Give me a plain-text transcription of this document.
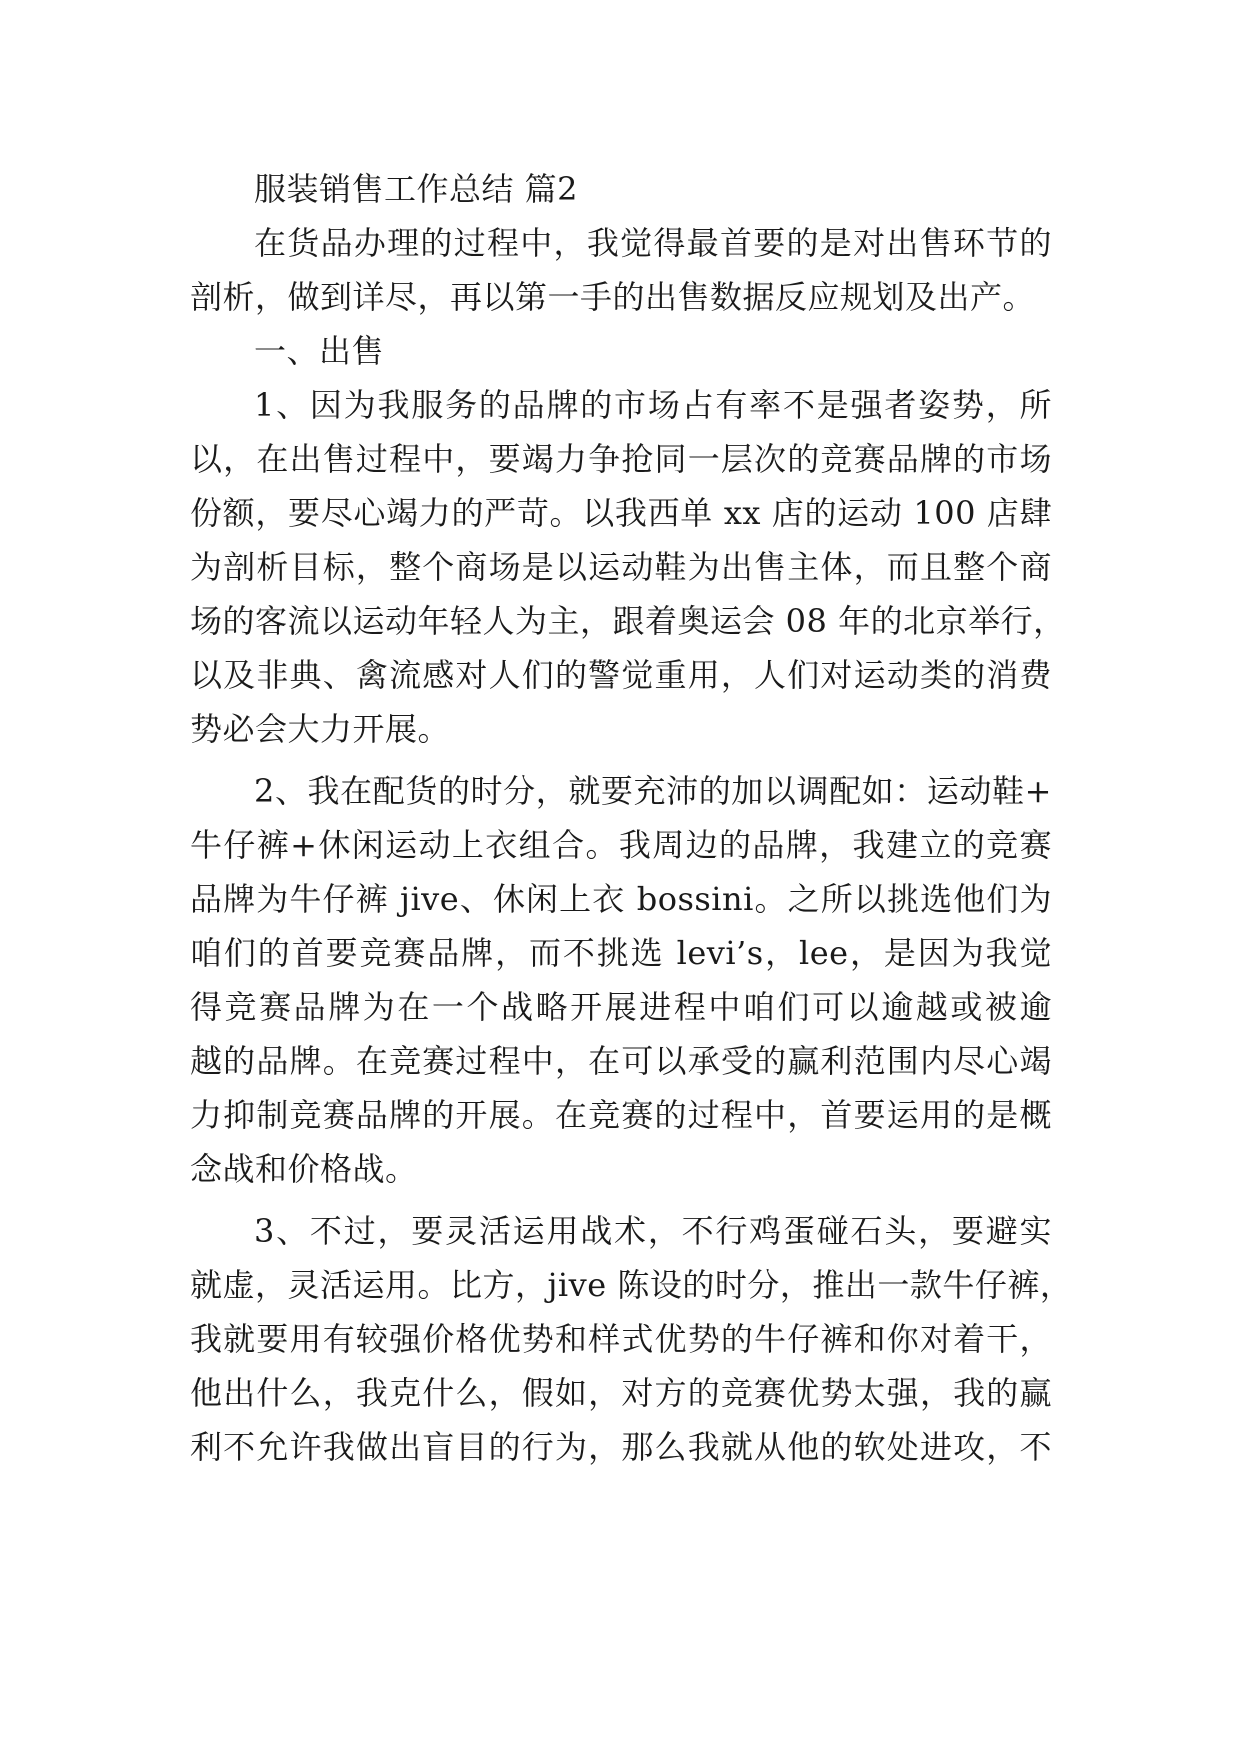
服装销售工作总结 篇2
在货品办理的过程中，我觉得最首要的是对出售环节的
剖析，做到详尽，再以第一手的出售数据反应规划及出产。
一、出售
1、因为我服务的品牌的市场占有率不是强者姿势，所
以，在出售过程中，要竭力争抢同一层次的竞赛品牌的市场
份额，要尽心竭力的严苛。以我西单 xx 店的运动 100 店肆
为剖析目标，整个商场是以运动鞋为出售主体，而且整个商
场的客流以运动年轻人为主，跟着奥运会 08 年的北京举行，
以及非典、禽流感对人们的警觉重用，人们对运动类的消费
势必会大力开展。
2、我在配货的时分，就要充沛的加以调配如：运动鞋+
牛仔裤+休闲运动上衣组合。我周边的品牌，我建立的竞赛
品牌为牛仔裤 jive、休闲上衣 bossini。之所以挑选他们为
咱们的首要竞赛品牌，而不挑选 levi’s，lee，是因为我觉
得竞赛品牌为在一个战略开展进程中咱们可以逾越或被逾
越的品牌。在竞赛过程中，在可以承受的赢利范围内尽心竭
力抑制竞赛品牌的开展。在竞赛的过程中，首要运用的是概
念战和价格战。
3、不过，要灵活运用战术，不行鸡蛋碰石头，要避实
就虚，灵活运用。比方，jive 陈设的时分，推出一款牛仔裤，
我就要用有较强价格优势和样式优势的牛仔裤和你对着干，
他出什么，我克什么，假如，对方的竞赛优势太强，我的赢
利不允许我做出盲目的行为，那么我就从他的软处进攻，不
